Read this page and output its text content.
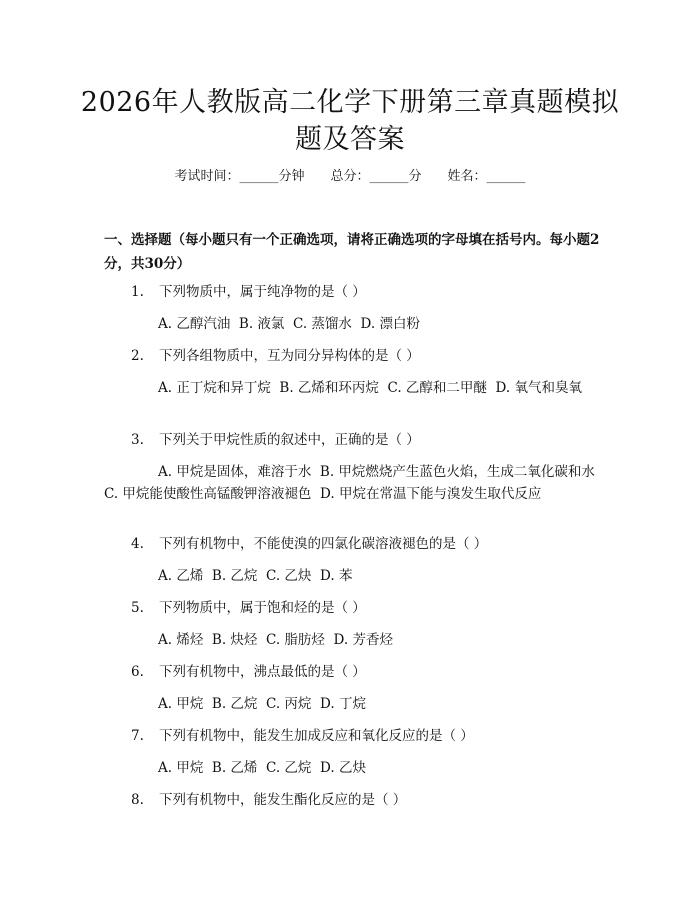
2026年人教版高二化学下册第三章真题模拟题及答案
考试时间：______分钟 总分：______分 姓名：______
一、选择题（每小题只有一个正确选项，请将正确选项的字母填在括号内。每小题2分，共30分）
1. 下列物质中，属于纯净物的是（ ）
A. 乙醇汽油  B. 液氯  C. 蒸馏水  D. 漂白粉
2. 下列各组物质中，互为同分异构体的是（ ）
A. 正丁烷和异丁烷  B. 乙烯和环丙烷  C. 乙醇和二甲醚  D. 氧气和臭氧
3. 下列关于甲烷性质的叙述中，正确的是（ ）
A. 甲烷是固体，难溶于水  B. 甲烷燃烧产生蓝色火焰，生成二氧化碳和水  C. 甲烷能使酸性高锰酸钾溶液褪色  D. 甲烷在常温下能与溴发生取代反应
4. 下列有机物中，不能使溴的四氯化碳溶液褪色的是（ ）
A. 乙烯  B. 乙烷  C. 乙炔  D. 苯
5. 下列物质中，属于饱和烃的是（ ）
A. 烯烃  B. 炔烃  C. 脂肪烃  D. 芳香烃
6. 下列有机物中，沸点最低的是（ ）
A. 甲烷  B. 乙烷  C. 丙烷  D. 丁烷
7. 下列有机物中，能发生加成反应和氧化反应的是（ ）
A. 甲烷  B. 乙烯  C. 乙烷  D. 乙炔
8. 下列有机物中，能发生酯化反应的是（ ）
